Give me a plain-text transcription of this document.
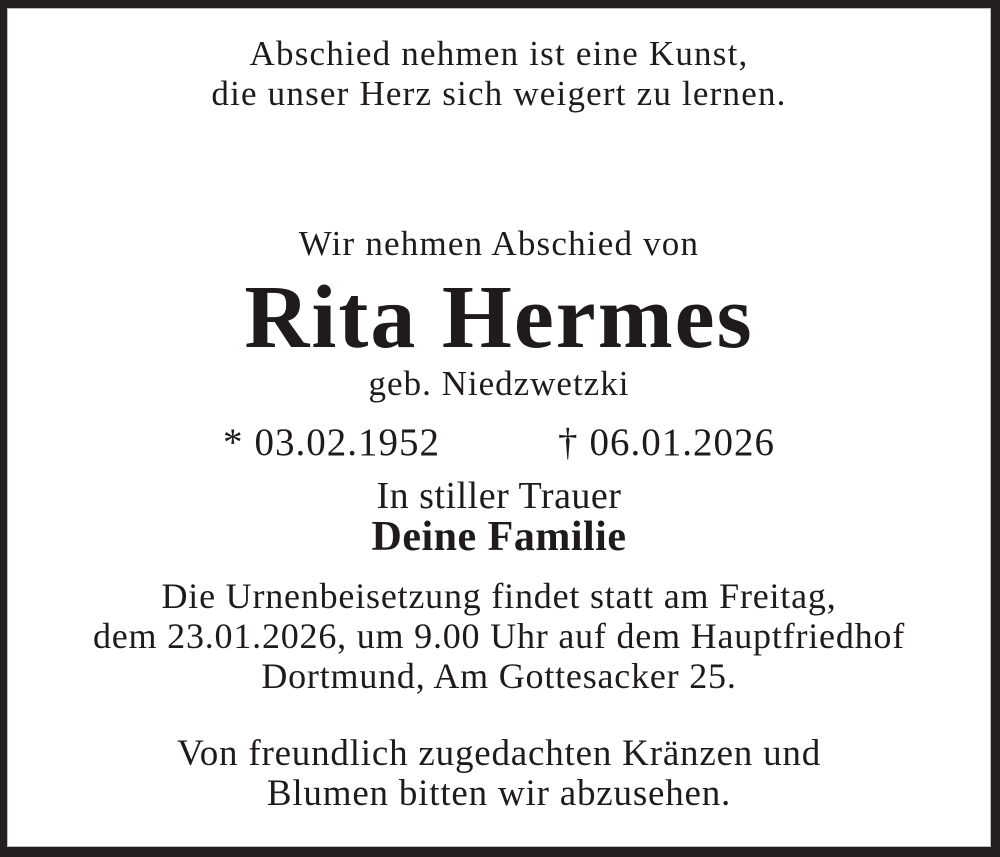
Abschied nehmen ist eine Kunst,
die unser Herz sich weigert zu lernen.
Wir nehmen Abschied von
Rita Hermes
geb. Niedzwetzki
* 03.02.1952	† 06.01.2026
In stiller Trauer
Deine Familie
Die Urnenbeisetzung findet statt am Freitag,
dem 23.01.2026, um 9.00 Uhr auf dem Hauptfriedhof
Dortmund, Am Gottesacker 25.
Von freundlich zugedachten Kränzen und
Blumen bitten wir abzusehen.
